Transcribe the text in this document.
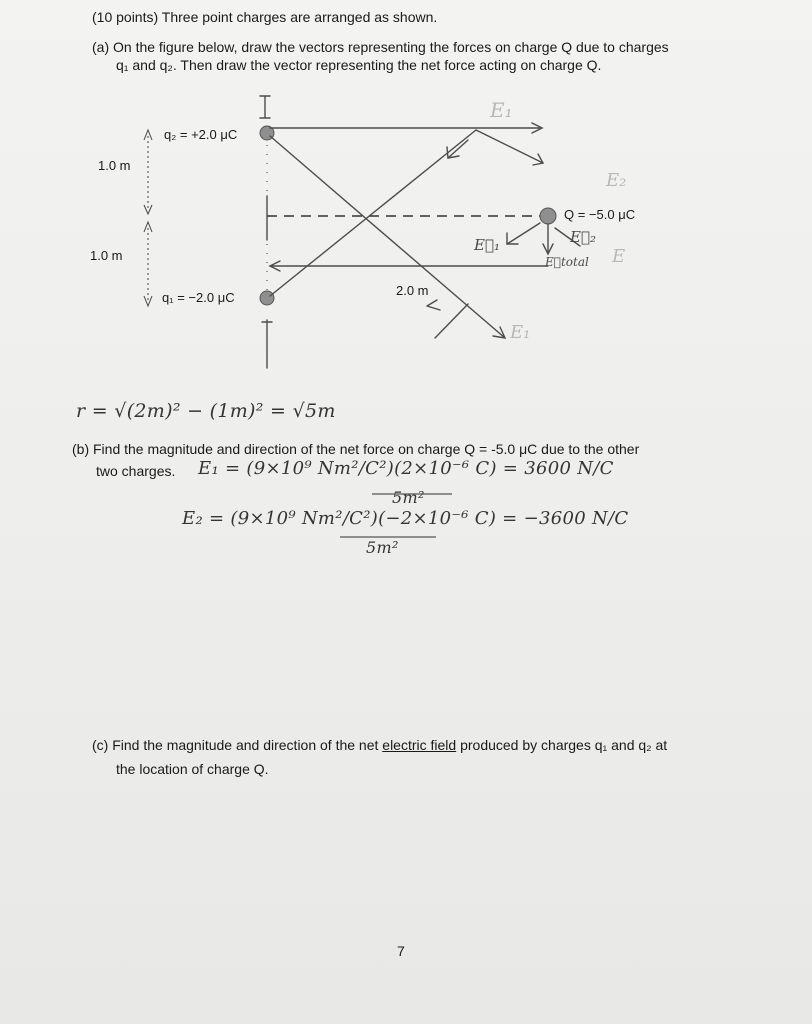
(10 points) Three point charges are arranged as shown.
(a) On the figure below, draw the vectors representing the forces on charge Q due to charges
q₁ and q₂. Then draw the vector representing the net force acting on charge Q.
q₂ = +2.0 μC
q₁ = −2.0 μC
Q = −5.0 μC
1.0 m
1.0 m
2.0 m
E₁
E₂
E⃗₁	E⃗₂
E⃗total E
E₁
r = √(2m)² − (1m)² = √5m
(b) Find the magnitude and direction of the net force on charge Q = -5.0 μC due to the other
two charges. E₁ = (9×10⁹ Nm²/C²)(2×10⁻⁶ C) = 3600 N/C
5m²
E₂ = (9×10⁹ Nm²/C²)(−2×10⁻⁶ C) = −3600 N/C
5m²
(c) Find the magnitude and direction of the net electric field produced by charges q₁ and q₂ at
the location of charge Q.
7
